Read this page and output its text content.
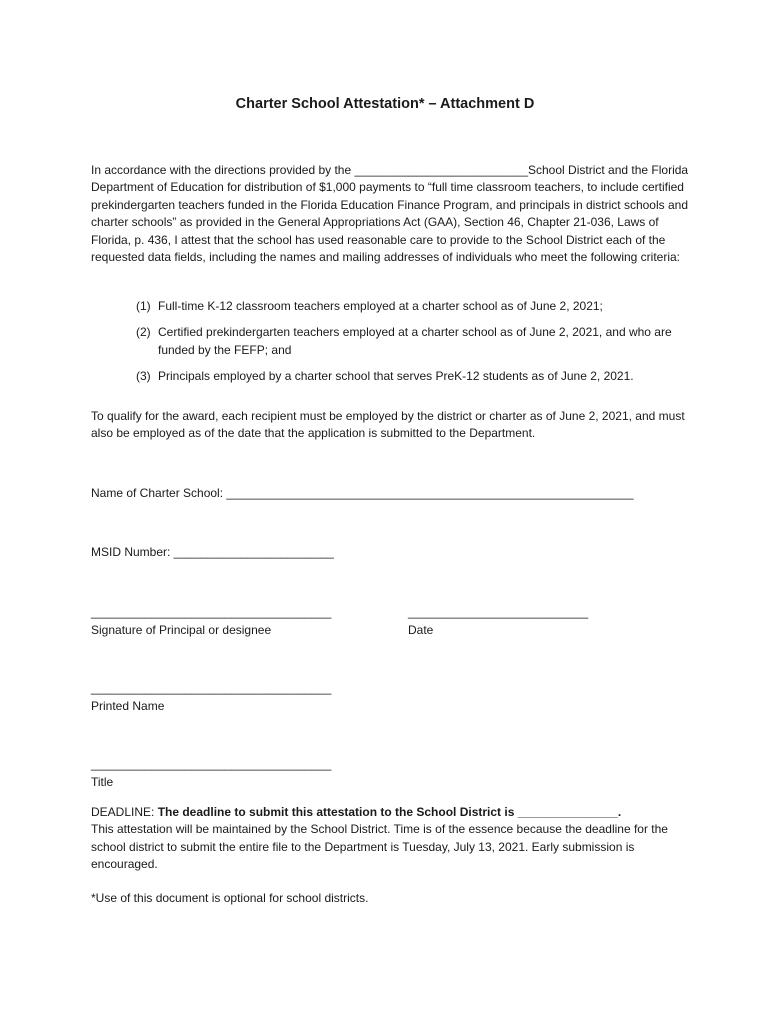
Charter School Attestation* – Attachment D
In accordance with the directions provided by the __________________________School District and the Florida Department of Education for distribution of $1,000 payments to “full time classroom teachers, to include certified prekindergarten teachers funded in the Florida Education Finance Program, and principals in district schools and charter schools” as provided in the General Appropriations Act (GAA), Section 46, Chapter 21-036, Laws of Florida, p. 436, I attest that the school has used reasonable care to provide to the School District each of the requested data fields, including the names and mailing addresses of individuals who meet the following criteria:
(1) Full-time K-12 classroom teachers employed at a charter school as of June 2, 2021;
(2) Certified prekindergarten teachers employed at a charter school as of June 2, 2021, and who are funded by the FEFP; and
(3) Principals employed by a charter school that serves PreK-12 students as of June 2, 2021.
To qualify for the award, each recipient must be employed by the district or charter as of June 2, 2021, and must also be employed as of the date that the application is submitted to the Department.
Name of Charter School: _____________________________________________________________
MSID Number: ________________________
____________________________________	___________________________
Signature of Principal or designee	Date
____________________________________
Printed Name
____________________________________
Title
DEADLINE: The deadline to submit this attestation to the School District is _______________.
This attestation will be maintained by the School District. Time is of the essence because the deadline for the school district to submit the entire file to the Department is Tuesday, July 13, 2021. Early submission is encouraged.
*Use of this document is optional for school districts.
